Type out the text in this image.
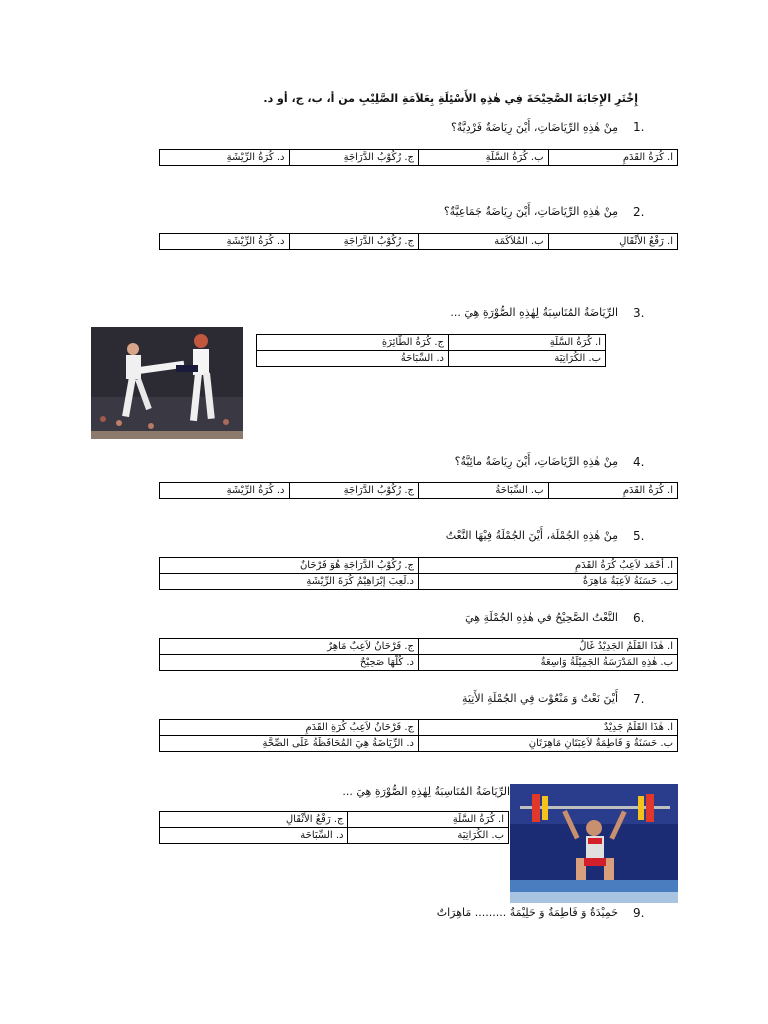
إِخْتَرِ الإِجَابَةَ الصَّحِيْحَةَ فِي هٰذِهِ الأَسْئِلَةِ بِعَلاَمَةِ الصَّلِيْبِ من أ، ب، ج، أو د.
مِنْ هٰذِهِ الرِّيَاضَاتِ، أَيْنَ رِيَاضَةٌ فَرْدِيَّةٌ؟ 1.
ا. كُرَةُ القَدَمِ	ب. كُرَةُ السَّلَةِ	ج. رُكُوْبُ الدَّرَاجَةِ	د. كُرَةُ الرِّيْشَةِ
مِنْ هٰذِهِ الرِّيَاضَاتِ، أَيْنَ رِيَاضَةٌ جَمَاعِيَّةٌ؟ 2.
ا. رَفْعُ الأَثْقَالِ	ب. المُلاَكَمَة	ج. رُكُوْبُ الدَّرَاجَةِ	د. كُرَةُ الرِّيْشَةِ
الرِّيَاضَةُ المُنَاسِبَةُ لِهٰذِهِ الصُّوْرَةِ هِيَ ... 3.
ا. كُرَةُ السَّلَةِ	ج. كُرَةُ الطَّائِرَةِ
ب. الكُرَاتِيَة	د. السِّبَاحَةُ
مِنْ هٰذِهِ الرِّيَاضَاتِ، أَيْنَ رِيَاضَةٌ مائِيَّةٌ؟ 4.
ا. كُرَةُ القَدَمِ	ب. السِّبَاحَةُ	ج. رُكُوْبُ الدَّرَاجَةِ	د. كُرَةُ الرِّيْشَةِ
مِنْ هٰذِهِ الجُمْلَة، أَيْنَ الجُمْلَةُ فِيْهَا النَّعْتُ 5.
ا. أَحْمَد لاَعِبُ كُرَةُ القَدَمِ	ج. رُكُوْبُ الدَّرَاجَةِ هُوَ فَرْحَانٌ
ب. حَسَنَةُ لاَعِبَةٌ مَاهِرَةٌ	د.لَعِبَ إبْرَاهِيْمُ كُرَةَ الرِّيْشَةِ
النَّعْتُ الصَّحِيْحُ في هٰذِهِ الجُمْلَةِ هِيَ 6.
ا. هٰذَا القَلَمُ الجَدِيْدُ غَالٌ	ج. فَرْحَانُ لاَعِبٌ مَاهِرٌ
ب. هٰذِهِ المَدْرَسَةُ الجَمِيْلَةُ وَاسِعَةٌ	د. كُلُّهَا صَحِيْحٌ
أَيْنَ نَعْتٌ وَ مَنْعُوْت فِي الجُمْلَةِ الأَتِيَةِ 7.
ا. هٰذَا القَلَمُ جَدِيْدٌ	ج. فَرْحَانُ لاَعِبُ كُرَةِ القَدَمِ
ب. حَسَنَةٌ وَ فَاطِمَةٌ لاَعِبَتَانِ مَاهِرَتَانِ	د. الرِّيَاضَةُ هِيَ المُحَافَظَةُ عَلَى الصِّحَّةِ
الرِّيَاضَةُ المُنَاسِبَةُ لِهٰذِهِ الصُّوْرَةِ هِيَ ...
ا. كُرَةُ السَّلَةِ	ج. رَفْعُ الأَثْقَالِ
ب. الكُرَاتِيَة	د. السِّبَاحَة
حَمِيْدَةُ وَ فَاطِمَةُ وَ حَلِيْمَةُ ......... مَاهِرَاتٌ 9.
